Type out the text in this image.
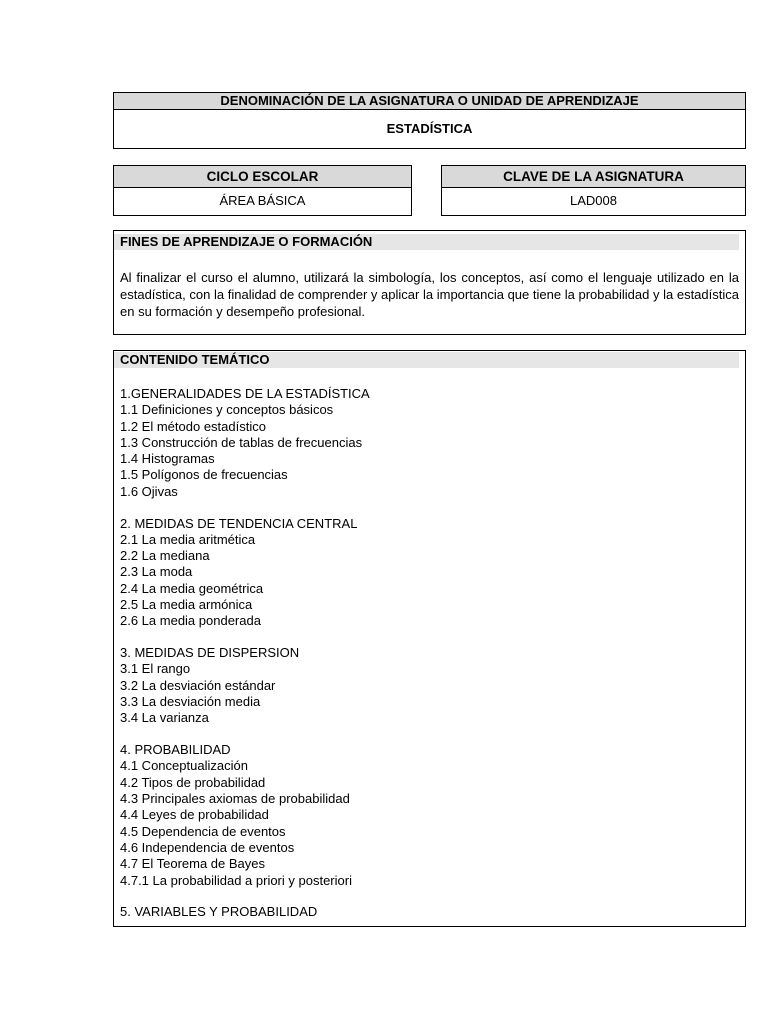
DENOMINACIÓN DE LA ASIGNATURA O UNIDAD DE APRENDIZAJE
ESTADÍSTICA
CICLO ESCOLAR
ÁREA BÁSICA
CLAVE DE LA ASIGNATURA
LAD008
FINES DE APRENDIZAJE O FORMACIÓN

Al finalizar el curso el alumno, utilizará la simbología, los conceptos, así como el lenguaje utilizado en la estadística, con la finalidad de comprender y aplicar la importancia que tiene la probabilidad y la estadística en su formación y desempeño profesional.

CONTENIDO TEMÁTICO
1.GENERALIDADES DE LA ESTADÍSTICA
1.1 Definiciones y conceptos básicos
1.2 El método estadístico
1.3 Construcción de tablas de frecuencias
1.4 Histogramas
1.5 Polígonos de frecuencias
1.6 Ojivas
2. MEDIDAS DE TENDENCIA CENTRAL
2.1 La media aritmética
2.2 La mediana
2.3 La moda
2.4 La media geométrica
2.5 La media armónica
2.6 La media ponderada
3. MEDIDAS DE DISPERSION
3.1 El rango
3.2 La desviación estándar
3.3 La desviación media
3.4 La varianza
4. PROBABILIDAD
4.1 Conceptualización
4.2 Tipos de probabilidad
4.3 Principales axiomas de probabilidad
4.4 Leyes de probabilidad
4.5 Dependencia de eventos
4.6 Independencia de eventos
4.7 El Teorema de Bayes
4.7.1 La probabilidad a priori y posteriori
5. VARIABLES Y PROBABILIDAD
